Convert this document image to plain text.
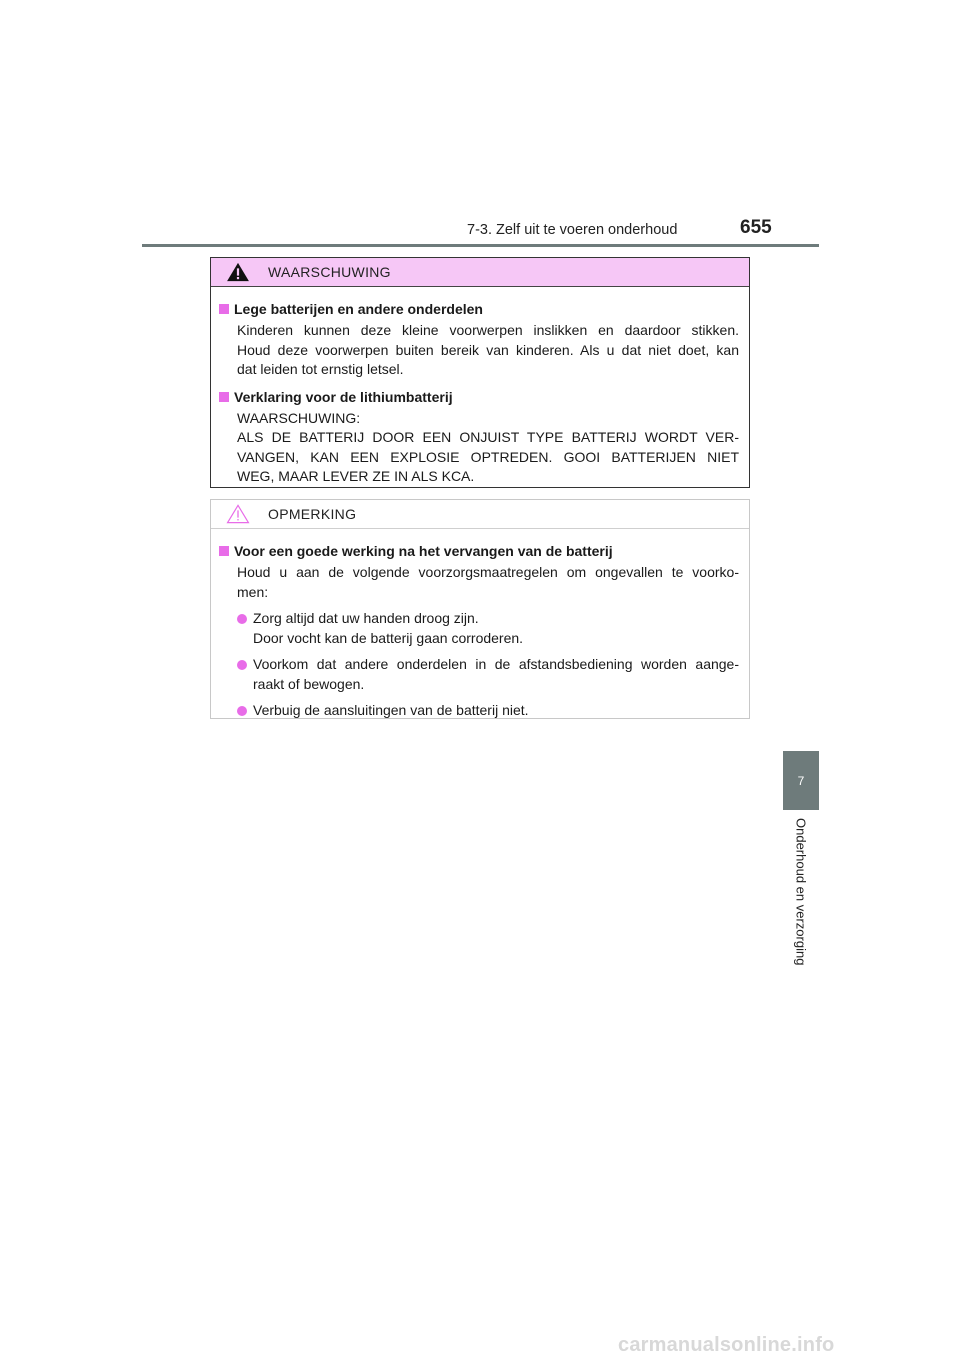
7-3. Zelf uit te voeren onderhoud	655
7
Onderhoud en verzorging
WAARSCHUWING
Lege batterijen en andere onderdelen
Kinderen kunnen deze kleine voorwerpen inslikken en daardoor stikken.
Houd deze voorwerpen buiten bereik van kinderen. Als u dat niet doet, kan
dat leiden tot ernstig letsel.
Verklaring voor de lithiumbatterij
WAARSCHUWING:
ALS DE BATTERIJ DOOR EEN ONJUIST TYPE BATTERIJ WORDT VER-
VANGEN, KAN EEN EXPLOSIE OPTREDEN. GOOI BATTERIJEN NIET
WEG, MAAR LEVER ZE IN ALS KCA.
OPMERKING
Voor een goede werking na het vervangen van de batterij
Houd u aan de volgende voorzorgsmaatregelen om ongevallen te voorko-
men:
Zorg altijd dat uw handen droog zijn.
Door vocht kan de batterij gaan corroderen.
Voorkom dat andere onderdelen in de afstandsbediening worden aange-
raakt of bewogen.
Verbuig de aansluitingen van de batterij niet.
carmanualsonline.info
